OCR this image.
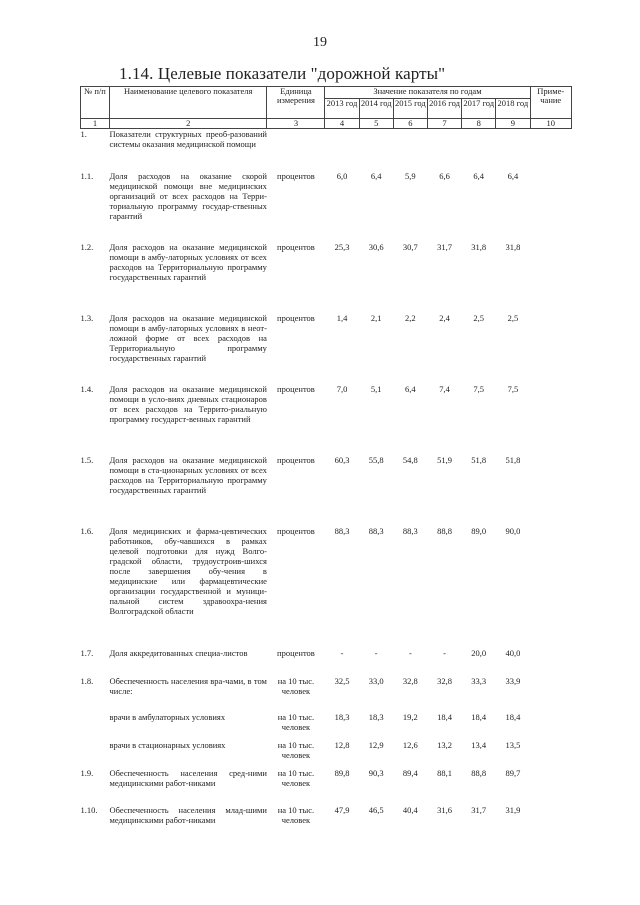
19
1.14. Целевые показатели "дорожной карты"
№ п/п	Наименование целевого показателя	Единица измерения	Значение показателя по годам						Приме-чание
			2013 год	2014 год	2015 год	2016 год	2017 год	2018 год	
1	2	3	4	5	6	7	8	9	10
1.	Показатели структурных преоб-разований системы оказания медицинской помощи								
1.1.	Доля расходов на оказание скорой медицинской помощи вне медицинских организаций от всех расходов на Терри-ториальную программу государ-ственных гарантий	процентов	6,0	6,4	5,9	6,6	6,4	6,4	
1.2.	Доля расходов на оказание медицинской помощи в амбу-латорных условиях от всех расходов на Территориальную программу государственных гарантий	процентов	25,3	30,6	30,7	31,7	31,8	31,8	
1.3.	Доля расходов на оказание медицинской помощи в амбу-латорных условиях в неот-ложной форме от всех расходов на Территориальную программу государственных гарантий	процентов	1,4	2,1	2,2	2,4	2,5	2,5	
1.4.	Доля расходов на оказание медицинской помощи в усло-виях дневных стационаров от всех расходов на Террито-риальную программу государст-венных гарантий	процентов	7,0	5,1	6,4	7,4	7,5	7,5	
1.5.	Доля расходов на оказание медицинской помощи в ста-ционарных условиях от всех расходов на Территориальную программу государственных гарантий	процентов	60,3	55,8	54,8	51,9	51,8	51,8	
1.6.	Доля медицинских и фарма-цевтических работников, обу-чавшихся в рамках целевой подготовки для нужд Волго-градской области, трудоустроив-шихся после завершения обу-чения в медицинские или фармацевтические организации государственной и муници-пальной систем здравоохра-нения Волгоградской области	процентов	88,3	88,3	88,3	88,8	89,0	90,0	
1.7.	Доля аккредитованных специа-листов	процентов	-	-	-	-	20,0	40,0	
1.8.	Обеспеченность населения вра-чами, в том числе:	на 10 тыс. человек	32,5	33,0	32,8	32,8	33,3	33,9	
	врачи в амбулаторных условиях	на 10 тыс. человек	18,3	18,3	19,2	18,4	18,4	18,4	
	врачи в стационарных условиях	на 10 тыс. человек	12,8	12,9	12,6	13,2	13,4	13,5	
1.9.	Обеспеченность населения сред-ними медицинскими работ-никами	на 10 тыс. человек	89,8	90,3	89,4	88,1	88,8	89,7	
1.10.	Обеспеченность населения млад-шими медицинскими работ-никами	на 10 тыс. человек	47,9	46,5	40,4	31,6	31,7	31,9	
